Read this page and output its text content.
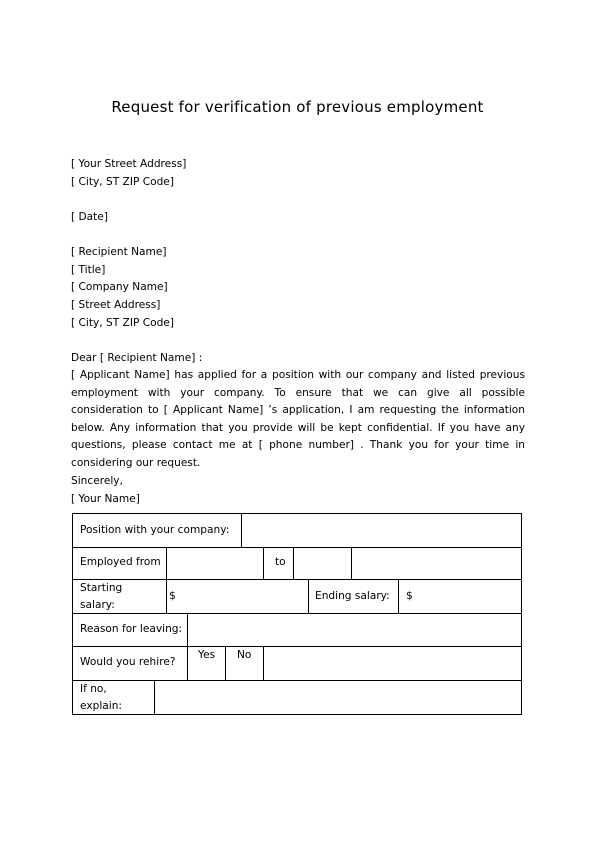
Request for verification of previous employment
[ Your Street Address]
[ City, ST ZIP Code]
[ Date]
[ Recipient Name]
[ Title]
[ Company Name]
[ Street Address]
[ City, ST ZIP Code]
Dear [ Recipient Name] :
[ Applicant Name] has applied for a position with our company and listed previous employment with your company. To ensure that we can give all possible consideration to [ Applicant Name] ’s application, I am requesting the information below. Any information that you provide will be kept confidential. If you have any questions, please contact me at [ phone number] . Thank you for your time in considering our request.
Sincerely,
[ Your Name]
Position with your company:
Employed from	to
Starting
salary:
$	Ending salary: $
Reason for leaving:
Would you rehire?
Yes No
If no,
explain:
